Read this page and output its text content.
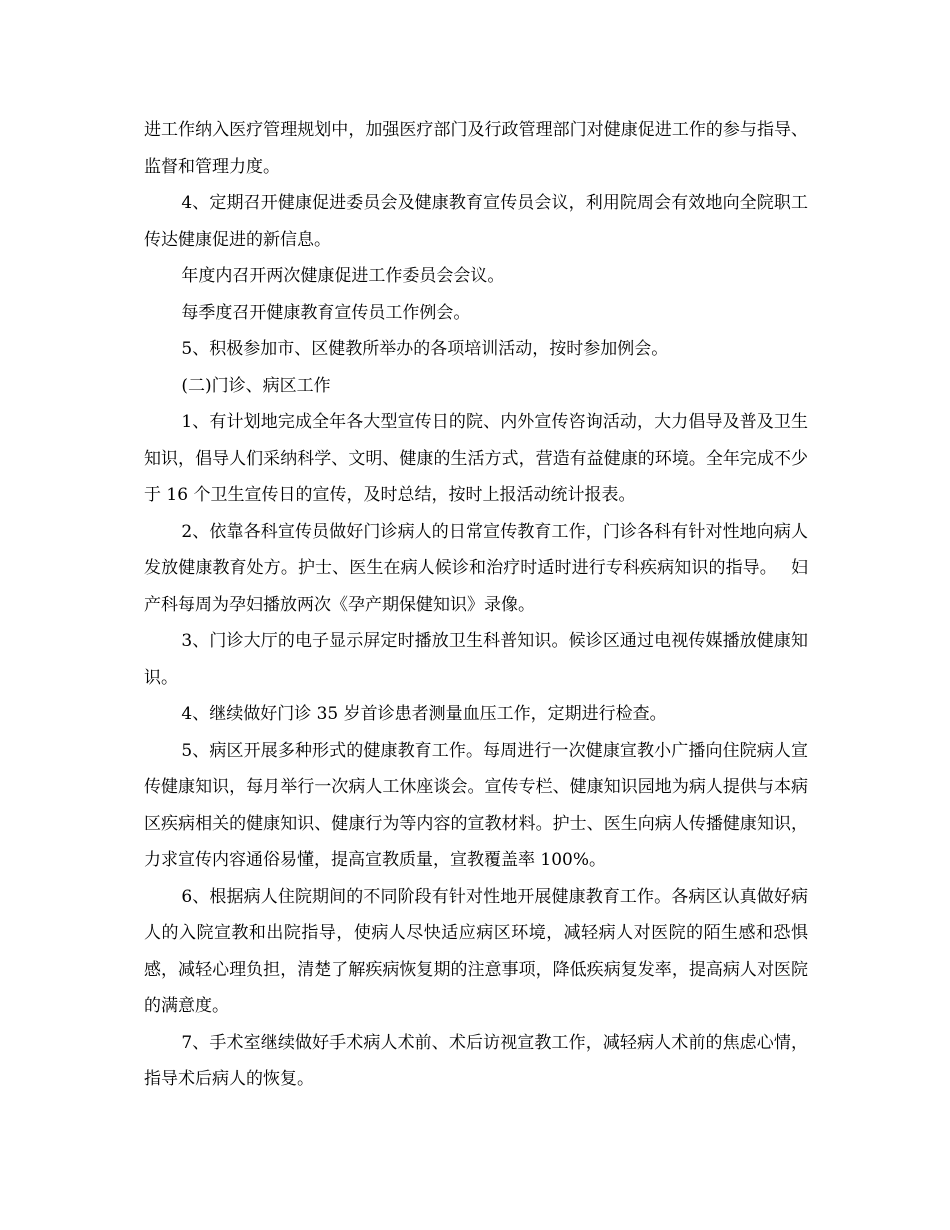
进工作纳入医疗管理规划中，加强医疗部门及行政管理部门对健康促进工作的参与指导、监督和管理力度。

4、定期召开健康促进委员会及健康教育宣传员会议，利用院周会有效地向全院职工传达健康促进的新信息。

年度内召开两次健康促进工作委员会会议。

每季度召开健康教育宣传员工作例会。

5、积极参加市、区健教所举办的各项培训活动，按时参加例会。

(二)门诊、病区工作

1、有计划地完成全年各大型宣传日的院、内外宣传咨询活动，大力倡导及普及卫生知识，倡导人们采纳科学、文明、健康的生活方式，营造有益健康的环境。全年完成不少于 16 个卫生宣传日的宣传，及时总结，按时上报活动统计报表。

2、依靠各科宣传员做好门诊病人的日常宣传教育工作，门诊各科有针对性地向病人发放健康教育处方。护士、医生在病人候诊和治疗时适时进行专科疾病知识的指导。　 妇产科每周为孕妇播放两次《孕产期保健知识》录像。

3、门诊大厅的电子显示屏定时播放卫生科普知识。候诊区通过电视传媒播放健康知识。

4、继续做好门诊 35 岁首诊患者测量血压工作，定期进行检查。

5、病区开展多种形式的健康教育工作。每周进行一次健康宣教小广播向住院病人宣传健康知识，每月举行一次病人工休座谈会。宣传专栏、健康知识园地为病人提供与本病区疾病相关的健康知识、健康行为等内容的宣教材料。护士、医生向病人传播健康知识，力求宣传内容通俗易懂，提高宣教质量，宣教覆盖率 100%。

6、根据病人住院期间的不同阶段有针对性地开展健康教育工作。各病区认真做好病人的入院宣教和出院指导，使病人尽快适应病区环境，减轻病人对医院的陌生感和恐惧感，减轻心理负担，清楚了解疾病恢复期的注意事项，降低疾病复发率，提高病人对医院的满意度。

7、手术室继续做好手术病人术前、术后访视宣教工作，减轻病人术前的焦虑心情，指导术后病人的恢复。
